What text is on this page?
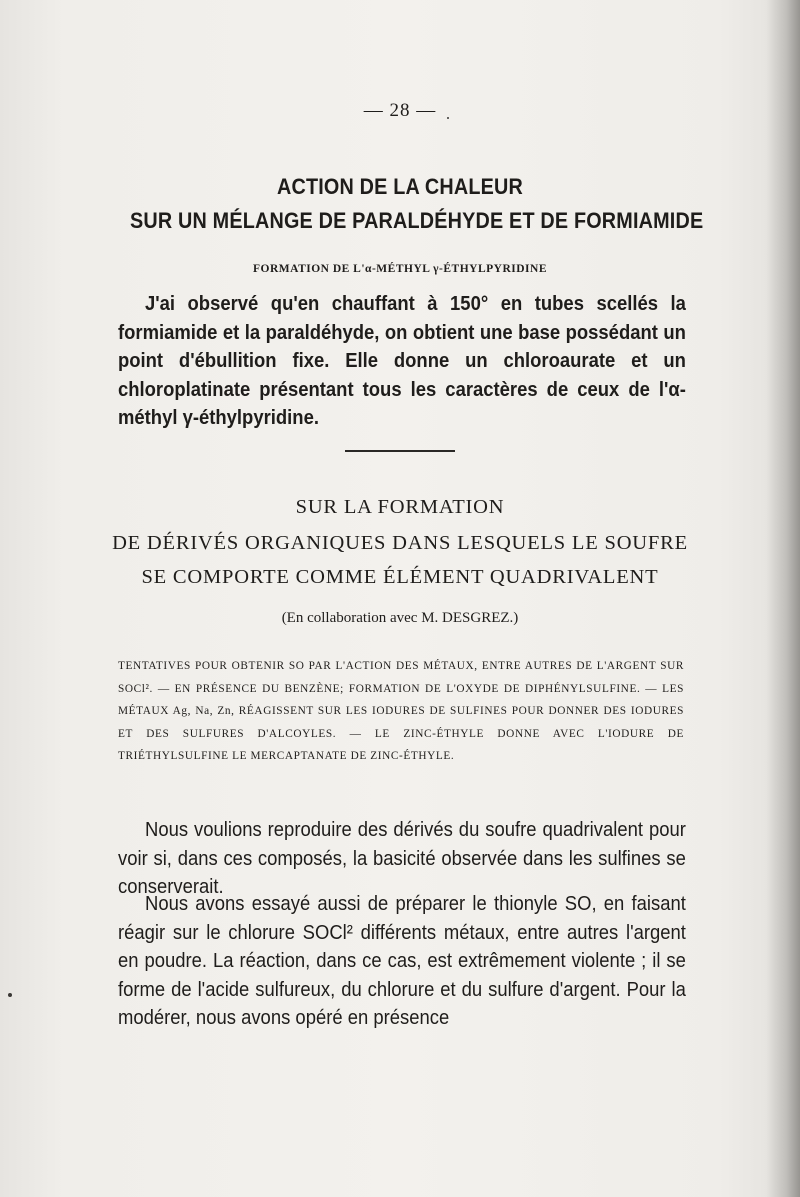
— 28 —
ACTION DE LA CHALEUR
SUR UN MÉLANGE DE PARALDÉHYDE ET DE FORMIAMIDE
FORMATION DE L'α-MÉTHYL γ-ÉTHYLPYRIDINE
J'ai observé qu'en chauffant à 150° en tubes scellés la formiamide et la paraldéhyde, on obtient une base possédant un point d'ébullition fixe. Elle donne un chloroaurate et un chloroplatinate présentant tous les caractères de ceux de l'α-méthyl γ-éthylpyridine.
SUR LA FORMATION
DE DÉRIVÉS ORGANIQUES DANS LESQUELS LE SOUFRE
SE COMPORTE COMME ÉLÉMENT QUADRIVALENT
(En collaboration avec M. DESGREZ.)
TENTATIVES POUR OBTENIR SO PAR L'ACTION DES MÉTAUX, ENTRE AUTRES DE L'ARGENT SUR SOCl². — EN PRÉSENCE DU BENZÈNE; FORMATION DE L'OXYDE DE DIPHÉNYLSULFINE. — LES MÉTAUX Ag, Na, Zn, RÉAGISSENT SUR LES IODURES DE SULFINES POUR DONNER DES IODURES ET DES SULFURES D'ALCOYLES. — LE ZINC-ÉTHYLE DONNE AVEC L'IODURE DE TRIÉTHYLSULFINE LE MERCAPTANATE DE ZINC-ÉTHYLE.
Nous voulions reproduire des dérivés du soufre quadrivalent pour voir si, dans ces composés, la basicité observée dans les sulfines se conserverait.
Nous avons essayé aussi de préparer le thionyle SO, en faisant réagir sur le chlorure SOCl² différents métaux, entre autres l'argent en poudre. La réaction, dans ce cas, est extrêmement violente ; il se forme de l'acide sulfureux, du chlorure et du sulfure d'argent. Pour la modérer, nous avons opéré en présence
